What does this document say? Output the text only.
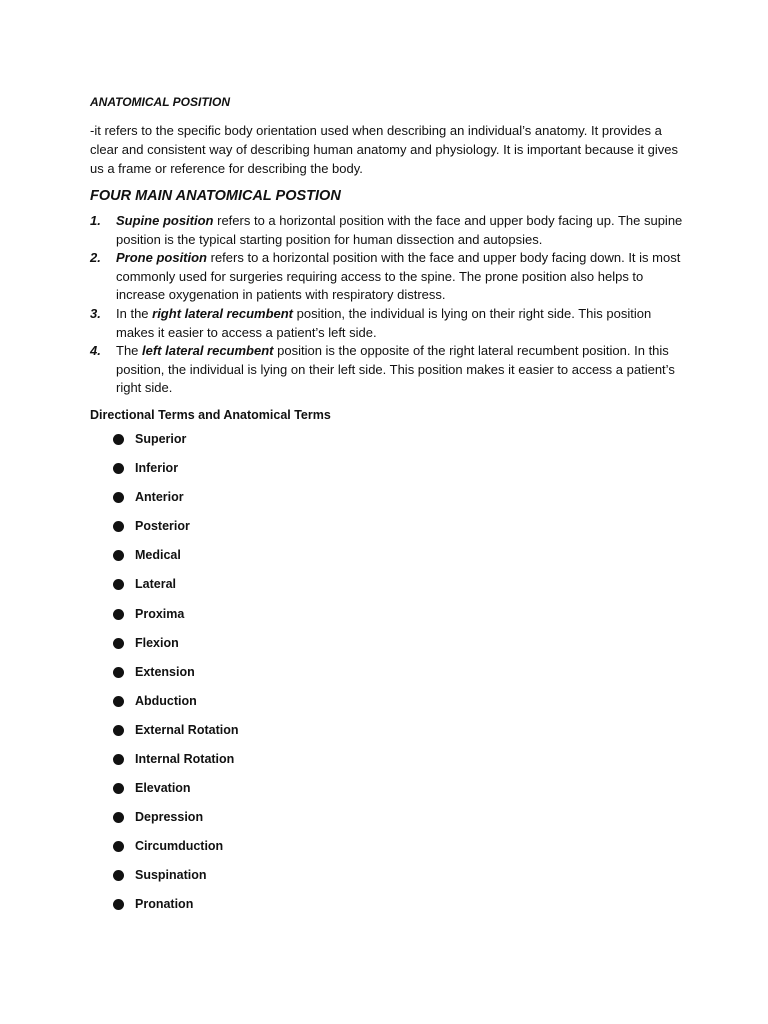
ANATOMICAL POSITION

-it refers to the specific body orientation used when describing an individual’s anatomy. It provides a clear and consistent way of describing human anatomy and physiology. It is important because it gives us a frame or reference for describing the body.

FOUR MAIN ANATOMICAL POSTION

1.	Supine position refers to a horizontal position with the face and upper body facing up. The supine position is the typical starting position for human dissection and autopsies.
2.	Prone position refers to a horizontal position with the face and upper body facing down. It is most commonly used for surgeries requiring access to the spine. The prone position also helps to increase oxygenation in patients with respiratory distress.
3.	In the right lateral recumbent position, the individual is lying on their right side. This position makes it easier to access a patient’s left side.
4.	The left lateral recumbent position is the opposite of the right lateral recumbent position. In this position, the individual is lying on their left side. This position makes it easier to access a patient’s right side.

Directional Terms and Anatomical Terms

Superior
Inferior
Anterior
Posterior
Medical
Lateral
Proxima
Flexion
Extension
Abduction
External Rotation
Internal Rotation
Elevation
Depression
Circumduction
Suspination
Pronation
